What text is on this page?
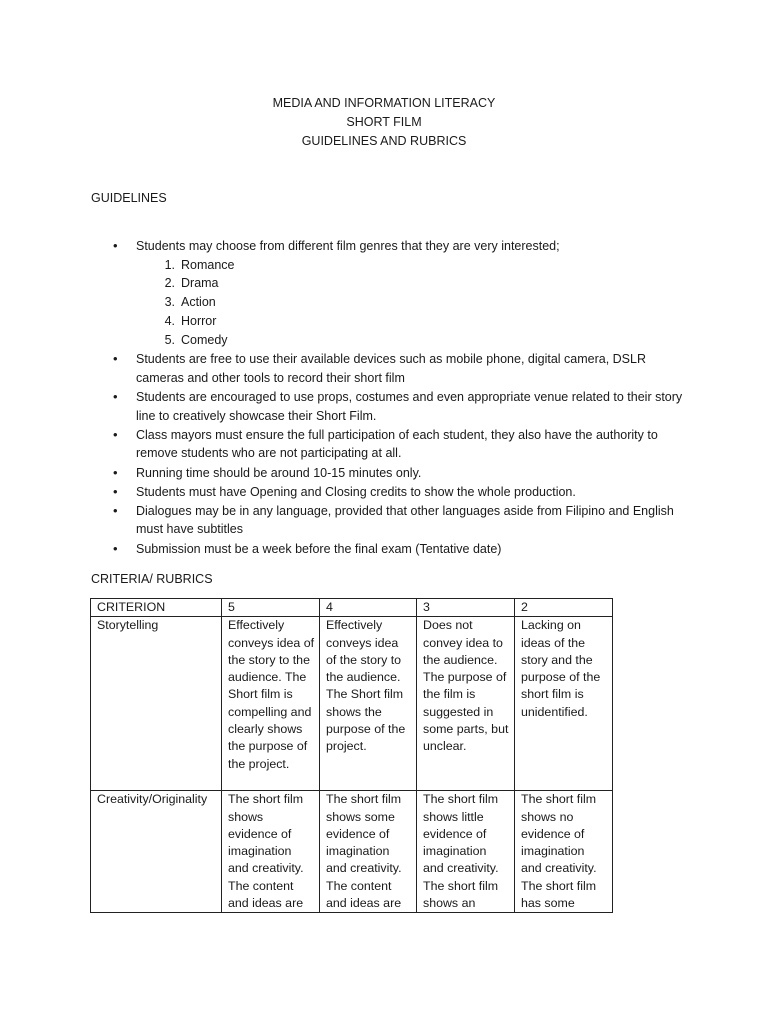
MEDIA AND INFORMATION LITERACY
SHORT FILM
GUIDELINES AND RUBRICS
GUIDELINES
• Students may choose from different film genres that they are very interested;
1. Romance
2. Drama
3. Action
4. Horror
5. Comedy
• Students are free to use their available devices such as mobile phone, digital camera, DSLR cameras and other tools to record their short film
• Students are encouraged to use props, costumes and even appropriate venue related to their story line to creatively showcase their Short Film.
• Class mayors must ensure the full participation of each student, they also have the authority to remove students who are not participating at all.
• Running time should be around 10-15 minutes only.
• Students must have Opening and Closing credits to show the whole production.
• Dialogues may be in any language, provided that other languages aside from Filipino and English must have subtitles
• Submission must be a week before the final exam (Tentative date)
CRITERIA/ RUBRICS
CRITERION	5	4	3	2
Storytelling	Effectively conveys idea of the story to the audience. The Short film is compelling and clearly shows the purpose of the project.	Effectively conveys idea of the story to the audience. The Short film shows the purpose of the project.	Does not convey idea to the audience. The purpose of the film is suggested in some parts, but unclear.	Lacking on ideas of the story and the purpose of the short film is unidentified.
Creativity/Originality	The short film shows evidence of imagination and creativity. The content and ideas are	The short film shows some evidence of imagination and creativity. The content and ideas are	The short film shows little evidence of imagination and creativity. The short film shows an	The short film shows no evidence of imagination and creativity. The short film has some
